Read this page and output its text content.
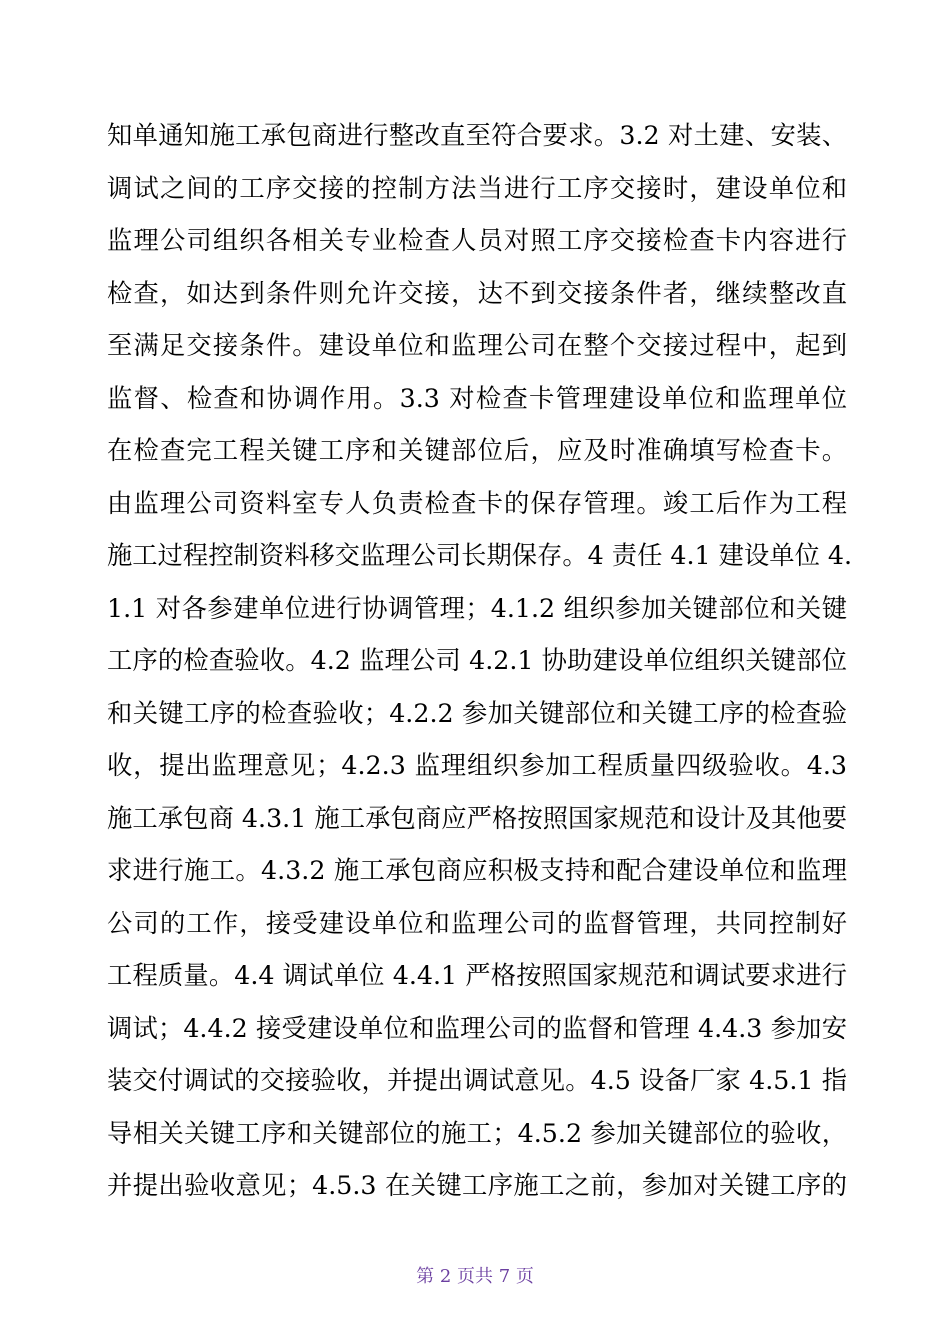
知单通知施工承包商进行整改直至符合要求。3.2 对土建、安装、
调试之间的工序交接的控制方法当进行工序交接时，建设单位和
监理公司组织各相关专业检查人员对照工序交接检查卡内容进行
检查，如达到条件则允许交接，达不到交接条件者，继续整改直
至满足交接条件。建设单位和监理公司在整个交接过程中，起到
监督、检查和协调作用。3.3 对检查卡管理建设单位和监理单位
在检查完工程关键工序和关键部位后，应及时准确填写检查卡。
由监理公司资料室专人负责检查卡的保存管理。竣工后作为工程
施工过程控制资料移交监理公司长期保存。4 责任 4.1 建设单位 4.
1.1 对各参建单位进行协调管理；4.1.2 组织参加关键部位和关键
工序的检查验收。4.2 监理公司 4.2.1 协助建设单位组织关键部位
和关键工序的检查验收；4.2.2 参加关键部位和关键工序的检查验
收，提出监理意见；4.2.3 监理组织参加工程质量四级验收。4.3
施工承包商 4.3.1 施工承包商应严格按照国家规范和设计及其他要
求进行施工。4.3.2 施工承包商应积极支持和配合建设单位和监理
公司的工作，接受建设单位和监理公司的监督管理，共同控制好
工程质量。4.4 调试单位 4.4.1 严格按照国家规范和调试要求进行
调试；4.4.2 接受建设单位和监理公司的监督和管理 4.4.3 参加安
装交付调试的交接验收，并提出调试意见。4.5 设备厂家 4.5.1 指
导相关关键工序和关键部位的施工；4.5.2 参加关键部位的验收，
并提出验收意见；4.5.3 在关键工序施工之前，参加对关键工序的
第 2 页共 7 页
